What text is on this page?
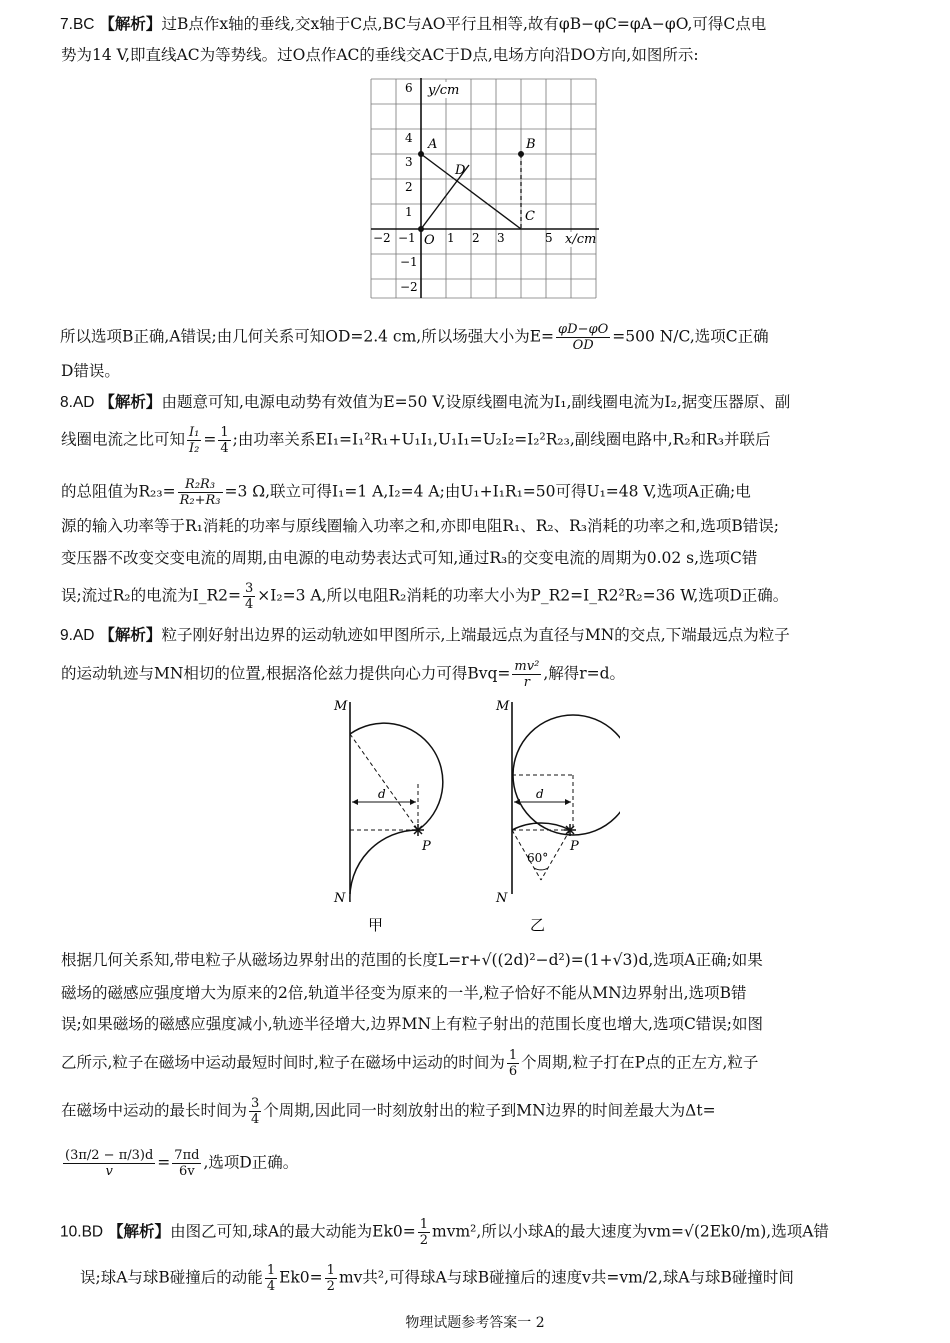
7.BC 【解析】过B点作x轴的垂线,交x轴于C点,BC与AO平行且相等,故有φB−φC=φA−φO,可得C点电
势为14 V,即直线AC为等势线。过O点作AC的垂线交AC于D点,电场方向沿DO方向,如图所示:
y/cm
x/cm
A	B
C
D
O
6
4
3
2
1
−1
−2
−2 −1	1 2 3	5
所以选项B正确,A错误;由几何关系可知OD=2.4 cm,所以场强大小为$E= \frac{\varphi D-\varphi O}{OD} =500$ N/C,选项C正确
D错误。
8.AD 【解析】由题意可知,电源电动势有效值为E=50 V,设原线圈电流为I₁,副线圈电流为I₂,据变压器原、副
线圈电流之比可知 $\frac{\text{I₁}}{\text{I₂}} = \frac{1}{4}$ ;由功率关系EI₁=I₁²R₁+U₁I₁,U₁I₁=U₂I₂=I₂²R₂₃,副线圈电路中,R₂和R₃并联后
的总阻值为$R_{23}= \frac{\text{R₂R₃}}{\text{R₂+R₃}} =3$ Ω,联立可得I₁=1 A,I₂=4 A;由U₁+I₁R₁=50可得U₁=48 V,选项A正确;电
源的输入功率等于R₁消耗的功率与原线圈输入功率之和,亦即电阻R₁、R₂、R₃消耗的功率之和,选项B错误;
变压器不改变交变电流的周期,由电源的电动势表达式可知,通过R₃的交变电流的周期为0.02 s,选项C错
误;流过R₂的电流为I_R2= $\frac{3}{4} \times I_2=3$ A,所以电阻R₂消耗的功率大小为P_R2=I_R2²R₂=36 W,选项D正确。
9.AD 【解析】粒子刚好射出边界的运动轨迹如甲图所示,上端最远点为直径与MN的交点,下端最远点为粒子
的运动轨迹与MN相切的位置,根据洛伦兹力提供向心力可得$Bvq= \frac{\text{mv²}}{r}$ ,解得r=d。
M
N
d
P
甲
M
N
60°
d
P
乙
根据几何关系知,带电粒子从磁场边界射出的范围的长度L=r+√((2d)²−d²)=(1+√3)d,选项A正确;如果
磁场的磁感应强度增大为原来的2倍,轨道半径变为原来的一半,粒子恰好不能从MN边界射出,选项B错
误;如果磁场的磁感应强度减小,轨迹半径增大,边界MN上有粒子射出的范围长度也增大,选项C错误;如图
乙所示,粒子在磁场中运动最短时间时,粒子在磁场中运动的时间为 $\frac{1}{6}$ 个周期,粒子打在P点的正左方,粒子
在磁场中运动的最长时间为 $\frac{3}{4}$ 个周期,因此同一时刻放射出的粒子到MN边界的时间差最大为Δt=
$\frac{(3\pi/2 - \pi/3)d}{v} = \frac{7\pi d}{6v}$ ,选项D正确。
10.BD 【解析】由图乙可知,球A的最大动能为$Ek0= \frac{1}{2} mvm^2$,所以小球A的最大速度为vm=√(2Ek0/m),选项A错
误;球A与球B碰撞后的动能 $\frac{1}{4} Ek0= \frac{1}{2}$ mv共²,可得球A与球B碰撞后的速度v共=vm/2,球A与球B碰撞时间
物理试题参考答案一 2
